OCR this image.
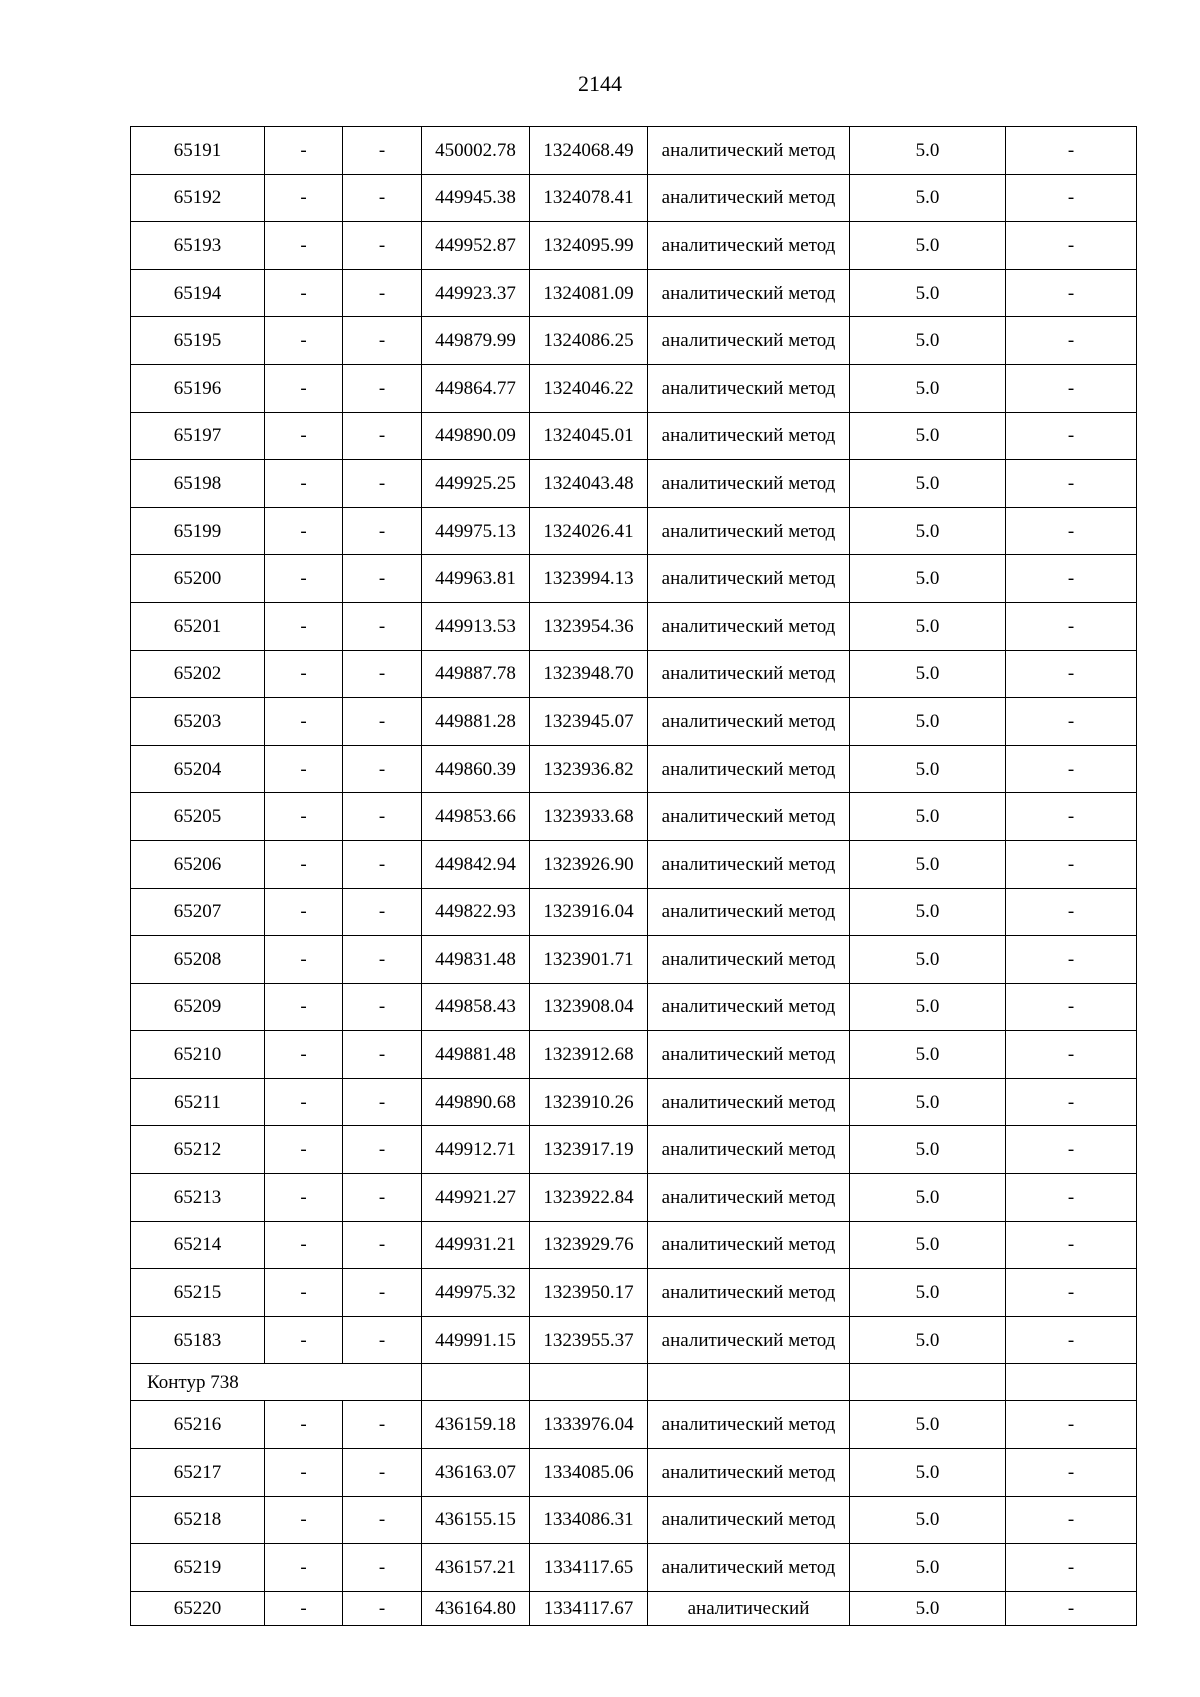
2144
65191	-	-	450002.78	1324068.49	аналитический метод	5.0	-
65192	-	-	449945.38	1324078.41	аналитический метод	5.0	-
65193	-	-	449952.87	1324095.99	аналитический метод	5.0	-
65194	-	-	449923.37	1324081.09	аналитический метод	5.0	-
65195	-	-	449879.99	1324086.25	аналитический метод	5.0	-
65196	-	-	449864.77	1324046.22	аналитический метод	5.0	-
65197	-	-	449890.09	1324045.01	аналитический метод	5.0	-
65198	-	-	449925.25	1324043.48	аналитический метод	5.0	-
65199	-	-	449975.13	1324026.41	аналитический метод	5.0	-
65200	-	-	449963.81	1323994.13	аналитический метод	5.0	-
65201	-	-	449913.53	1323954.36	аналитический метод	5.0	-
65202	-	-	449887.78	1323948.70	аналитический метод	5.0	-
65203	-	-	449881.28	1323945.07	аналитический метод	5.0	-
65204	-	-	449860.39	1323936.82	аналитический метод	5.0	-
65205	-	-	449853.66	1323933.68	аналитический метод	5.0	-
65206	-	-	449842.94	1323926.90	аналитический метод	5.0	-
65207	-	-	449822.93	1323916.04	аналитический метод	5.0	-
65208	-	-	449831.48	1323901.71	аналитический метод	5.0	-
65209	-	-	449858.43	1323908.04	аналитический метод	5.0	-
65210	-	-	449881.48	1323912.68	аналитический метод	5.0	-
65211	-	-	449890.68	1323910.26	аналитический метод	5.0	-
65212	-	-	449912.71	1323917.19	аналитический метод	5.0	-
65213	-	-	449921.27	1323922.84	аналитический метод	5.0	-
65214	-	-	449931.21	1323929.76	аналитический метод	5.0	-
65215	-	-	449975.32	1323950.17	аналитический метод	5.0	-
65183	-	-	449991.15	1323955.37	аналитический метод	5.0	-
Контур 738							
65216	-	-	436159.18	1333976.04	аналитический метод	5.0	-
65217	-	-	436163.07	1334085.06	аналитический метод	5.0	-
65218	-	-	436155.15	1334086.31	аналитический метод	5.0	-
65219	-	-	436157.21	1334117.65	аналитический метод	5.0	-
65220	-	-	436164.80	1334117.67	аналитический	5.0	-
